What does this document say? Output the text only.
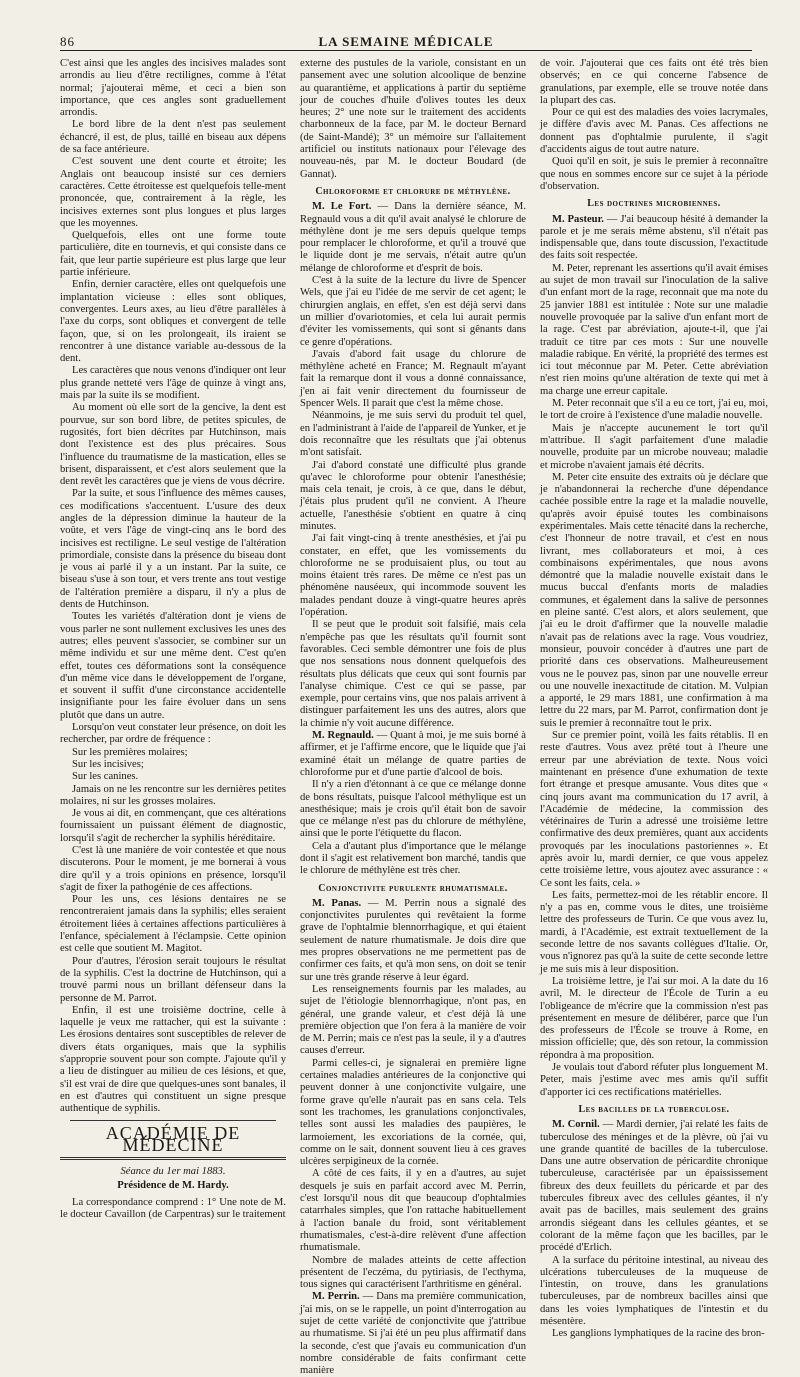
86	LA SEMAINE MÉDICALE

C'est ainsi que les angles des incisives malades sont arrondis au lieu d'être rectilignes, comme à l'état normal; j'ajouterai même, et ceci a bien son importance, que ces angles sont graduellement arrondis.

Le bord libre de la dent n'est pas seulement échancré, il est, de plus, taillé en biseau aux dépens de sa face antérieure.

C'est souvent une dent courte et étroite; les Anglais ont beaucoup insisté sur ces derniers caractères. Cette étroitesse est quelquefois telle-ment prononcée, que, contrairement à la règle, les incisives externes sont plus longues et plus larges que les moyennes.

Quelquefois, elles ont une forme toute particulière, dite en tournevis, et qui consiste dans ce fait, que leur partie supérieure est plus large que leur partie inférieure.

Enfin, dernier caractère, elles ont quelquefois une implantation vicieuse : elles sont obliques, convergentes. Leurs axes, au lieu d'être parallèles à l'axe du corps, sont obliques et convergent de telle façon, que, si on les prolongeait, ils iraient se rencontrer à une distance variable au-dessous de la dent.

Les caractères que nous venons d'indiquer ont leur plus grande netteté vers l'âge de quinze à vingt ans, mais par la suite ils se modifient.

Au moment où elle sort de la gencive, la dent est pourvue, sur son bord libre, de petites spicules, de rugosités, fort bien décrites par Hutchinson, mais dont l'existence est des plus précaires. Sous l'influence du traumatisme de la mastication, elles se brisent, disparaissent, et c'est alors seulement que la dent revêt les caractères que je viens de vous décrire.

Par la suite, et sous l'influence des mêmes causes, ces modifications s'accentuent. L'usure des deux angles de la dépression diminue la hauteur de la voûte, et vers l'âge de vingt-cinq ans le bord des incisives est rectiligne. Le seul vestige de l'altération primordiale, consiste dans la présence du biseau dont je vous ai parlé il y a un instant. Par la suite, ce biseau s'use à son tour, et vers trente ans tout vestige de l'altération première a disparu, il n'y a plus de dents de Hutchinson.

Toutes les variétés d'altération dont je viens de vous parler ne sont nullement exclusives les unes des autres; elles peuvent s'associer, se combiner sur un même individu et sur une même dent. C'est qu'en effet, toutes ces déformations sont la conséquence d'un même vice dans le développement de l'organe, et souvent il suffit d'une circonstance accidentelle insignifiante pour les faire évoluer dans un sens plutôt que dans un autre.

Lorsqu'on veut constater leur présence, on doit les rechercher, par ordre de fréquence :

Sur les premières molaires;
Sur les incisives;
Sur les canines.

Jamais on ne les rencontre sur les dernières petites molaires, ni sur les grosses molaires.

Je vous ai dit, en commençant, que ces altérations fournissaient un puissant élément de diagnostic, lorsqu'il s'agit de rechercher la syphilis héréditaire.

C'est là une manière de voir contestée et que nous discuterons. Pour le moment, je me bornerai à vous dire qu'il y a trois opinions en présence, lorsqu'il s'agit de fixer la pathogénie de ces affections.

Pour les uns, ces lésions dentaires ne se rencontreraient jamais dans la syphilis; elles seraient étroitement liées à certaines affections particulières à l'enfance, spécialement à l'éclampsie. Cette opinion est celle que soutient M. Magitot.

Pour d'autres, l'érosion serait toujours le résultat de la syphilis. C'est la doctrine de Hutchinson, qui a trouvé parmi nous un brillant défenseur dans la personne de M. Parrot.

Enfin, il est une troisième doctrine, celle à laquelle je veux me rattacher, qui est la suivante : Les érosions dentaires sont susceptibles de relever de divers états organiques, mais que la syphilis s'approprie souvent pour son compte. J'ajoute qu'il y a lieu de distinguer au milieu de ces lésions, et que, s'il est vrai de dire que quelques-unes sont banales, il en est d'autres qui constituent un signe presque authentique de syphilis.

ACADÉMIE DE MÉDECINE
Séance du 1er mai 1883.
Présidence de M. Hardy.

La correspondance comprend : 1° Une note de M. le docteur Cavaillon (de Carpentras) sur le traitement

externe des pustules de la variole, consistant en un pansement avec une solution alcoolique de benzine au quarantième, et applications à partir du septième jour de couches d'huile d'olives toutes les deux heures; 2° une note sur le traitement des accidents charbonneux de la face, par M. le docteur Bernard (de Saint-Mandé); 3° un mémoire sur l'allaitement artificiel ou instituts nationaux pour l'élevage des nouveau-nés, par M. le docteur Boudard (de Gannat).

Chloroforme et chlorure de méthylène.

M. Le Fort. — Dans la dernière séance, M. Regnauld vous a dit qu'il avait analysé le chlorure de méthylène dont je me sers depuis quelque temps pour remplacer le chloroforme, et qu'il a trouvé que le liquide dont je me servais, n'était autre qu'un mélange de chloroforme et d'esprit de bois.

C'est à la suite de la lecture du livre de Spencer Wels, que j'ai eu l'idée de me servir de cet agent; le chirurgien anglais, en effet, s'en est déjà servi dans un millier d'ovariotomies, et cela lui aurait permis d'éviter les vomissements, qui sont si gênants dans ce genre d'opérations.

J'avais d'abord fait usage du chlorure de méthylène acheté en France; M. Regnault m'ayant fait la remarque dont il vous a donné connaissance, j'en ai fait venir directement du fournisseur de Spencer Wels. Il parait que c'est la même chose.

Néanmoins, je me suis servi du produit tel quel, en l'administrant à l'aide de l'appareil de Yunker, et je dois reconnaître que les résultats que j'ai obtenus m'ont satisfait.

J'ai d'abord constaté une difficulté plus grande qu'avec le chloroforme pour obtenir l'anesthésie; mais cela tenait, je crois, à ce que, dans le début, j'étais plus prudent qu'il ne convient. A l'heure actuelle, l'anesthésie s'obtient en quatre à cinq minutes.

J'ai fait vingt-cinq à trente anesthésies, et j'ai pu constater, en effet, que les vomissements du chloroforme ne se produisaient plus, ou tout au moins étaient très rares. De même ce n'est pas un phénomène nauséeux, qui incommode souvent les malades pendant douze à vingt-quatre heures après l'opération.

Il se peut que le produit soit falsifié, mais cela n'empêche pas que les résultats qu'il fournit sont favorables. Ceci semble démontrer une fois de plus que nos sensations nous donnent quelquefois des résultats plus délicats que ceux qui sont fournis par l'analyse chimique. C'est ce qui se passe, par exemple, pour certains vins, que nos palais arrivent à distinguer parfaitement les uns des autres, alors que la chimie n'y voit aucune différence.

M. Regnauld. — Quant à moi, je me suis borné à affirmer, et je l'affirme encore, que le liquide que j'ai examiné était un mélange de quatre parties de chloroforme pur et d'une partie d'alcool de bois.

Il n'y a rien d'étonnant à ce que ce mélange donne de bons résultats, puisque l'alcool méthylique est un anesthésique; mais je crois qu'il était bon de savoir que ce mélange n'est pas du chlorure de méthylène, ainsi que le porte l'étiquette du flacon.

Cela a d'autant plus d'importance que le mélange dont il s'agit est relativement bon marché, tandis que le chlorure de méthylène est très cher.

Conjonctivite purulente rhumatismale.

M. Panas. — M. Perrin nous a signalé des conjonctivites purulentes qui revêtaient la forme grave de l'ophtalmie blennorrhagique, et qui étaient seulement de nature rhumatismale. Je dois dire que mes propres observations ne me permettent pas de confirmer ces faits, et qu'à mon sens, on doit se tenir sur une très grande réserve à leur égard.

Les renseignements fournis par les malades, au sujet de l'étiologie blennorrhagique, n'ont pas, en général, une grande valeur, et c'est déjà là une première objection que l'on fera à la manière de voir de M. Perrin; mais ce n'est pas la seule, il y a d'autres causes d'erreur.

Parmi celles-ci, je signalerai en première ligne certaines maladies antérieures de la conjonctive qui peuvent donner à une conjonctivite vulgaire, une forme grave qu'elle n'aurait pas en sans cela. Tels sont les trachomes, les granulations conjonctivales, telles sont aussi les maladies des paupières, le larmoiement, les excoriations de la cornée, qui, comme on le sait, donnent souvent lieu à ces graves ulcères serpigineux de la cornée.

A côté de ces faits, il y en a d'autres, au sujet desquels je suis en parfait accord avec M. Perrin, c'est lorsqu'il nous dit que beaucoup d'ophtalmies catarrhales simples, que l'on rattache habituellement à l'action banale du froid, sont véritablement rhumatismales, c'est-à-dire relèvent d'une affection rhumatismale.

Nombre de malades atteints de cette affection présentent de l'eczéma, du pytiriasis, de l'ecthyma, tous signes qui caractérisent l'arthritisme en général.

M. Perrin. — Dans ma première communication, j'ai mis, on se le rappelle, un point d'interrogation au sujet de cette variété de conjonctivite que j'attribue au rhumatisme. Si j'ai été un peu plus affirmatif dans la seconde, c'est que j'avais eu communication d'un nombre considérable de faits confirmant cette manière

de voir. J'ajouterai que ces faits ont été très bien observés; en ce qui concerne l'absence de granulations, par exemple, elle se trouve notée dans la plupart des cas.

Pour ce qui est des maladies des voies lacrymales, je diffère d'avis avec M. Panas. Ces affections ne donnent pas d'ophtalmie purulente, il s'agit d'accidents aigus de tout autre nature.

Quoi qu'il en soit, je suis le premier à reconnaître que nous en sommes encore sur ce sujet à la période d'observation.

Les doctrines microbiennes.

M. Pasteur. — J'ai beaucoup hésité à demander la parole et je me serais même abstenu, s'il n'était pas indispensable que, dans toute discussion, l'exactitude des faits soit respectée.

M. Peter, reprenant les assertions qu'il avait émises au sujet de mon travail sur l'inoculation de la salive d'un enfant mort de la rage, reconnait que ma note du 25 janvier 1881 est intitulée : Note sur une maladie nouvelle provoquée par la salive d'un enfant mort de la rage. C'est par abréviation, ajoute-t-il, que j'ai traduit ce titre par ces mots : Sur une nouvelle maladie rabique. En vérité, la propriété des termes est ici tout méconnue par M. Peter. Cette abréviation n'est rien moins qu'une altération de texte qui met à ma charge une erreur capitale.

M. Peter reconnait que s'il a eu ce tort, j'ai eu, moi, le tort de croire à l'existence d'une maladie nouvelle.

Mais je n'accepte aucunement le tort qu'il m'attribue. Il s'agit parfaitement d'une maladie nouvelle, produite par un microbe nouveau; maladie et microbe n'avaient jamais été décrits.

M. Peter cite ensuite des extraits où je déclare que je n'abandonnerai la recherche d'une dépendance cachée possible entre la rage et la maladie nouvelle, qu'après avoir épuisé toutes les combinaisons expérimentales. Mais cette ténacité dans la recherche, c'est l'honneur de notre travail, et c'est en nous livrant, mes collaborateurs et moi, à ces combinaisons expérimentales, que nous avons démontré que la maladie nouvelle existait dans le mucus buccal d'enfants morts de maladies communes, et également dans la salive de personnes en pleine santé. C'est alors, et alors seulement, que j'ai eu le droit d'affirmer que la nouvelle maladie n'avait pas de relations avec la rage. Vous voudriez, monsieur, pouvoir concéder à d'autres une part de priorité dans ces observations. Malheureusement vous ne le pouvez pas, sinon par une nouvelle erreur ou une nouvelle inexactitude de citation. M. Vulpian a apporté, le 29 mars 1881, une confirmation à ma lettre du 22 mars, par M. Parrot, confirmation dont je suis le premier à reconnaître tout le prix.

Sur ce premier point, voilà les faits rétablis. Il en reste d'autres. Vous avez prêté tout à l'heure une erreur par une abréviation de texte. Nous voici maintenant en présence d'une exhumation de texte fort étrange et presque amusante. Vous dites que « cinq jours avant ma communication du 17 avril, à l'Académie de médecine, la commission des vétérinaires de Turin a adressé une troisième lettre confirmative des deux premières, quant aux accidents provoqués par les inoculations pastoriennes ». Et après avoir lu, mardi dernier, ce que vous appelez cette troisième lettre, vous ajoutez avec assurance : « Ce sont les faits, cela. »

Les faits, permettez-moi de les rétablir encore. Il n'y a pas en, comme vous le dites, une troisième lettre des professeurs de Turin. Ce que vous avez lu, mardi, à l'Académie, est extrait textuellement de la seconde lettre de nos savants collègues d'Italie. Or, vous n'ignorez pas qu'à la suite de cette seconde lettre je me suis mis à leur disposition.

La troisième lettre, je l'ai sur moi. A la date du 16 avril, M. le directeur de l'École de Turin a eu l'obligeance de m'écrire que la commission n'est pas présentement en mesure de délibérer, parce que l'un des professeurs de l'École se trouve à Rome, en mission officielle; que, dès son retour, la commission répondra à ma proposition.

Je voulais tout d'abord réfuter plus longuement M. Peter, mais j'estime avec mes amis qu'il suffit d'apporter ici ces rectifications matérielles.

Les bacilles de la tuberculose.

M. Cornil. — Mardi dernier, j'ai relaté les faits de tuberculose des méninges et de la plèvre, où j'ai vu une grande quantité de bacilles de la tuberculose. Dans une autre observation de péricardite chronique tuberculeuse, caractérisée par un épaississement fibreux des deux feuillets du péricarde et par des tubercules fibreux avec des cellules géantes, il n'y avait pas de bacilles, mais seulement des grains arrondis siégeant dans les cellules géantes, et se colorant de la même façon que les bacilles, par le procédé d'Erlich.

A la surface du péritoine intestinal, au niveau des ulcérations tuberculeuses de la muqueuse de l'intestin, on trouve, dans les granulations tuberculeuses, par de nombreux bacilles ainsi que dans les voies lymphatiques de l'intestin et du mésentère.

Les ganglions lymphatiques de la racine des bron-
